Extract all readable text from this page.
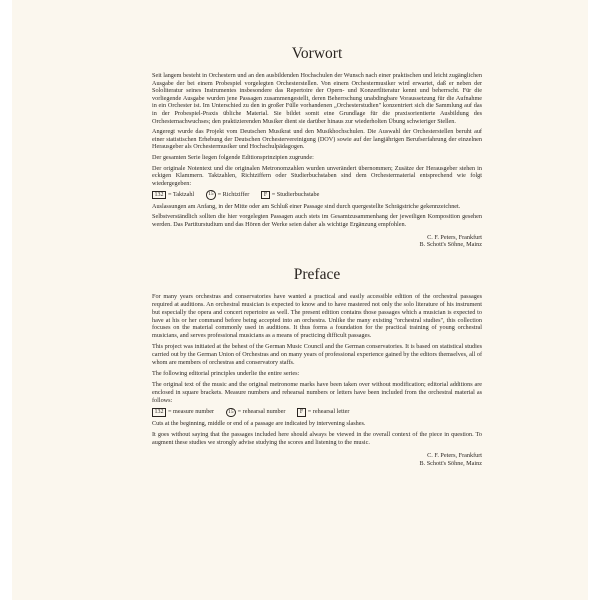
Vorwort

Seit langem besteht in Orchestern und an den ausbildenden Hochschulen der Wunsch nach einer praktischen und leicht zugänglichen Ausgabe der bei einem Probespiel vorgelegten Orchesterstellen. Von einem Orchestermusiker wird erwartet, daß er neben der Sololiteratur seines Instrumentes insbesondere das Repertoire der Opern- und Konzertliteratur kennt und beherrscht. Für die vorliegende Ausgabe wurden jene Passagen zusammengestellt, deren Beherrschung unabdingbare Voraussetzung für die Aufnahme in ein Orchester ist. Im Unterschied zu den in großer Fülle vorhandenen „Orchesterstudien" konzentriert sich die Sammlung auf das in der Probespiel-Praxis übliche Material. Sie bildet somit eine Grundlage für die praxisorientierte Ausbildung des Orchesternachwuchses; den praktizierenden Musiker dient sie darüber hinaus zur wiederholten Übung schwieriger Stellen.

Angeregt wurde das Projekt vom Deutschen Musikrat und den Musikhochschulen. Die Auswahl der Orchesterstellen beruht auf einer statistischen Erhebung der Deutschen Orchestervereinigung (DOV) sowie auf der langjährigen Berufserfahrung der einzelnen Herausgeber als Orchestermusiker und Hochschulpädagogen.

Der gesamten Serie liegen folgende Editionsprinzipien zugrunde:

Der originale Notentext und die originalen Metronomzahlen wurden unverändert übernommen; Zusätze der Herausgeber stehen in eckigen Klammern. Taktzahlen, Richtziffern oder Studierbuchstaben sind dem Orchestermaterial entsprechend wie folgt wiedergegeben:

132 = Taktzahl	15 = Richtziffer	F = Studierbuchstabe

Auslassungen am Anfang, in der Mitte oder am Schluß einer Passage sind durch quergestellte Schrägstriche gekennzeichnet.

Selbstverständlich sollten die hier vorgelegten Passagen auch stets im Gesamtzusammenhang der jeweiligen Komposition gesehen werden. Das Partiturstudium und das Hören der Werke seien daher als wichtige Ergänzung empfohlen.

C. F. Peters, Frankfurt
B. Schott's Söhne, Mainz
Preface

For many years orchestras and conservatories have wanted a practical and easily accessible edition of the orchestral passages required at auditions. An orchestral musician is expected to know and to have mastered not only the solo literature of his instrument but especially the opera and concert repertoire as well. The present edition contains those passages which a musician is expected to have at his or her command before being accepted into an orchestra. Unlike the many existing "orchestral studies", this collection focuses on the material commonly used in auditions. It thus forms a foundation for the practical training of young orchestral musicians, and serves professional musicians as a means of practicing difficult passages.

This project was initiated at the behest of the German Music Council and the German conservatories. It is based on statistical studies carried out by the German Union of Orchestras and on many years of professional experience gained by the editors themselves, all of whom are members of orchestras and conservatory staffs.

The following editorial principles underlie the entire series:

The original text of the music and the original metronome marks have been taken over without modification; editorial additions are enclosed in square brackets. Measure numbers and rehearsal numbers or letters have been included from the orchestral material as follows:

132 = measure number	15 = rehearsal number	F = rehearsal letter

Cuts at the beginning, middle or end of a passage are indicated by intervening slashes.

It goes without saying that the passages included here should always be viewed in the overall context of the piece in question. To augment these studies we strongly advise studying the scores and listening to the music.

C. F. Peters, Frankfurt
B. Schott's Söhne, Mainz
